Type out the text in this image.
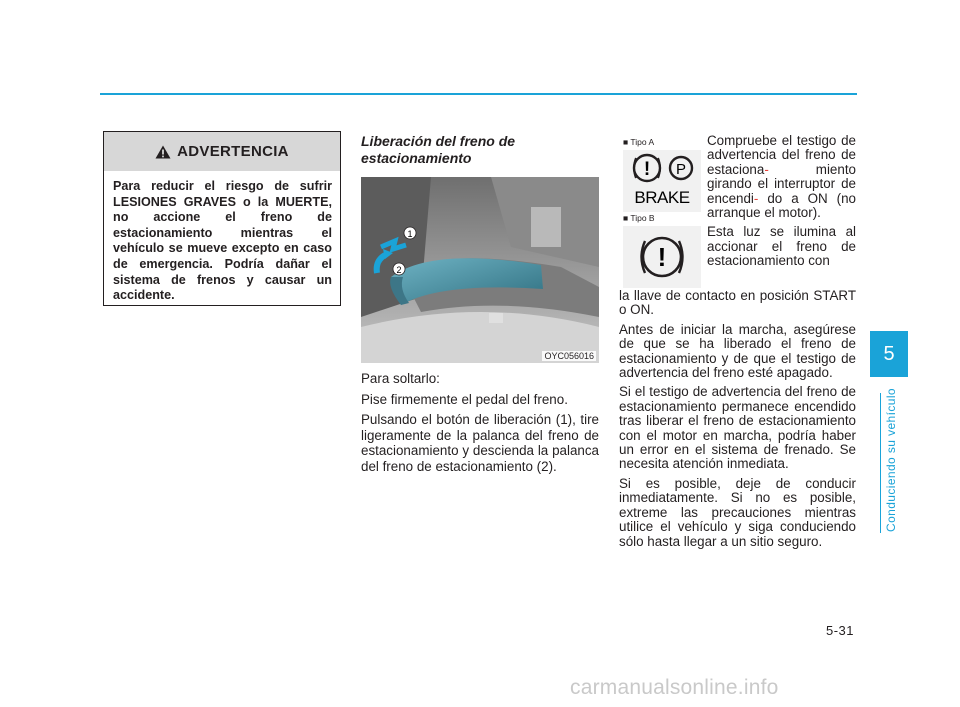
ADVERTENCIA
Para reducir el riesgo de sufrir LESIONES GRAVES o la MUERTE, no accione el freno de estacionamiento mientras el vehículo se mueve excepto en caso de emergencia. Podría dañar el sistema de frenos y causar un accidente.
Liberación del freno de estacionamiento
1
2
OYC056016

Para soltarlo:

Pise firmemente el pedal del freno.

Pulsando el botón de liberación (1), tire ligeramente de la palanca del freno de estacionamiento y descienda la palanca del freno de estacionamiento (2).

■ Tipo A
! P
BRAKE
■ Tipo B
!

Compruebe el testigo de advertencia del freno de estaciona-	miento girando el interruptor de encendi- do a ON (no arranque el motor).

Esta luz se ilumina al accionar el freno de estacionamiento con

la llave de contacto en posición START o ON.

Antes de iniciar la marcha, asegúrese de que se ha liberado el freno de estacionamiento y de que el testigo de advertencia del freno esté apagado.

Si el testigo de advertencia del freno de estacionamiento permanece encendido tras liberar el freno de estacionamiento con el motor en marcha, podría haber un error en el sistema de frenado. Se necesita atención inmediata.

Si es posible, deje de conducir inmediatamente. Si no es posible, extreme las precauciones mientras utilice el vehículo y siga conduciendo sólo hasta llegar a un sitio seguro.

5
Conduciendo su vehículo
5-31
carmanualsonline.info
